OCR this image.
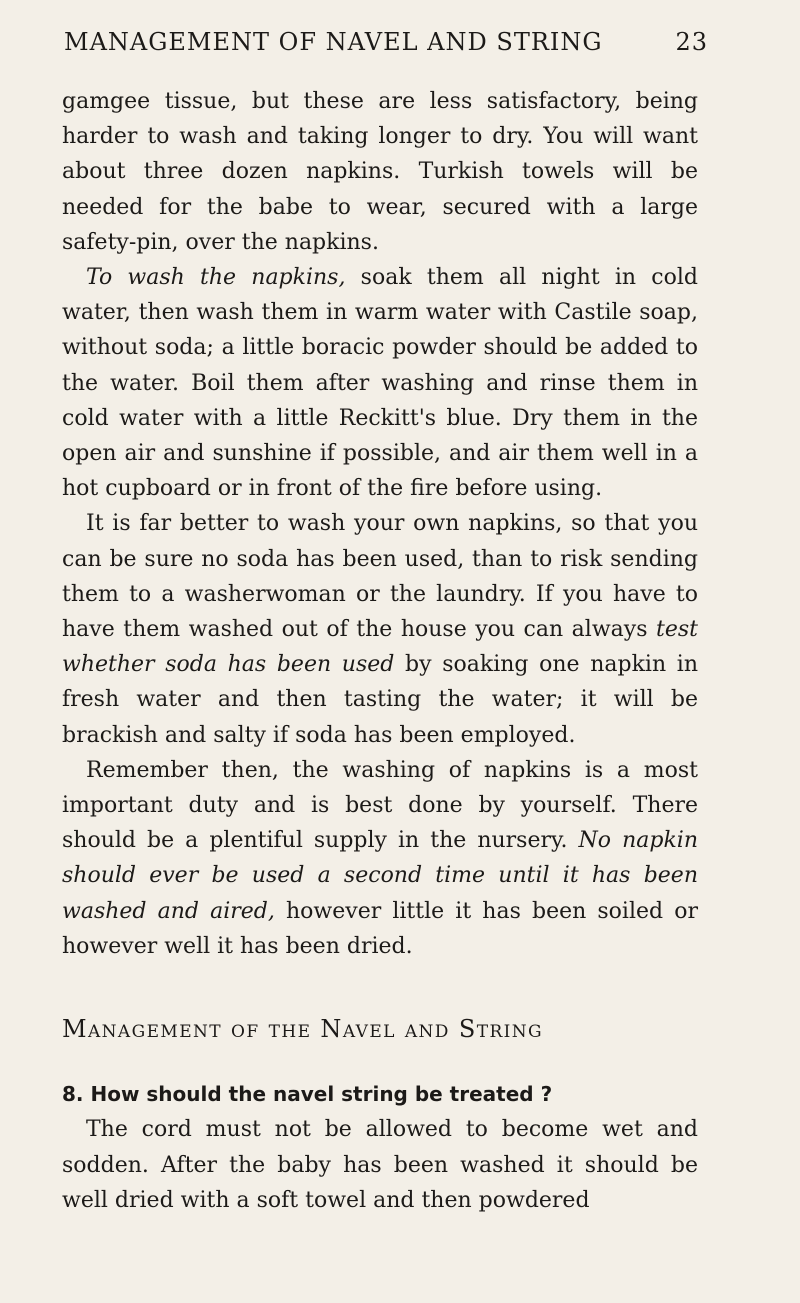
MANAGEMENT OF NAVEL AND STRING	23

gamgee tissue, but these are less satisfactory, being harder to wash and taking longer to dry. You will want about three dozen napkins. Turkish towels will be needed for the babe to wear, secured with a large safety-pin, over the napkins.

To wash the napkins, soak them all night in cold water, then wash them in warm water with Castile soap, without soda; a little boracic powder should be added to the water. Boil them after washing and rinse them in cold water with a little Reckitt's blue. Dry them in the open air and sunshine if possible, and air them well in a hot cupboard or in front of the fire before using.

It is far better to wash your own napkins, so that you can be sure no soda has been used, than to risk sending them to a washerwoman or the laundry. If you have to have them washed out of the house you can always test whether soda has been used by soaking one napkin in fresh water and then tasting the water; it will be brackish and salty if soda has been employed.

Remember then, the washing of napkins is a most important duty and is best done by yourself. There should be a plentiful supply in the nursery. No napkin should ever be used a second time until it has been washed and aired, however little it has been soiled or however well it has been dried.

Management of the Navel and String

8. How should the navel string be treated ?

The cord must not be allowed to become wet and sodden. After the baby has been washed it should be well dried with a soft towel and then powdered
